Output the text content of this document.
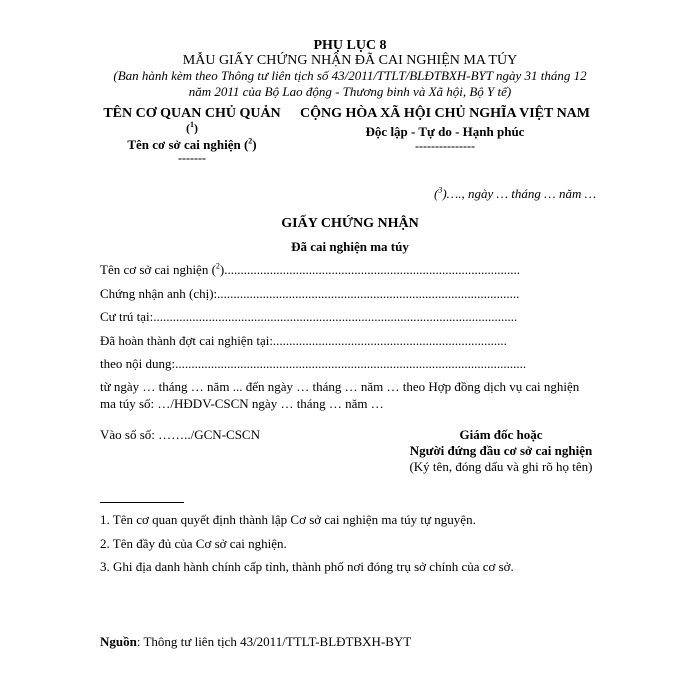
PHỤ LỤC 8
MẪU GIẤY CHỨNG NHẬN ĐÃ CAI NGHIỆN MA TÚY
(Ban hành kèm theo Thông tư liên tịch số 43/2011/TTLT/BLĐTBXH-BYT ngày 31 tháng 12
năm 2011 của Bộ Lao động - Thương binh và Xã hội, Bộ Y tế)
TÊN CƠ QUAN CHỦ QUẢN
($^1$)
Tên cơ sở cai nghiện ($^2$)
-------
CỘNG HÒA XÃ HỘI CHỦ NGHĨA VIỆT NAM
Độc lập - Tự do - Hạnh phúc
---------------
($^3$)…., ngày … tháng … năm …
GIẤY CHỨNG NHẬN
Đã cai nghiện ma túy
Tên cơ sở cai nghiện ($^2$)...........................................................................................
Chứng nhận anh (chị):.............................................................................................
Cư trú tại:................................................................................................................
Đã hoàn thành đợt cai nghiện tại:........................................................................
theo nội dung:............................................................................................................
từ ngày … tháng … năm ... đến ngày … tháng … năm … theo Hợp đồng dịch vụ cai nghiện
ma túy số: …/HĐDV-CSCN ngày … tháng … năm …
Vào sổ số: ……../GCN-CSCN	Giám đốc hoặc
Người đứng đầu cơ sở cai nghiện
(Ký tên, đóng dấu và ghi rõ họ tên)
1. Tên cơ quan quyết định thành lập Cơ sở cai nghiện ma túy tự nguyện.
2. Tên đầy đủ của Cơ sở cai nghiện.
3. Ghi địa danh hành chính cấp tỉnh, thành phố nơi đóng trụ sở chính của cơ sở.
Nguồn: Thông tư liên tịch 43/2011/TTLT-BLĐTBXH-BYT
